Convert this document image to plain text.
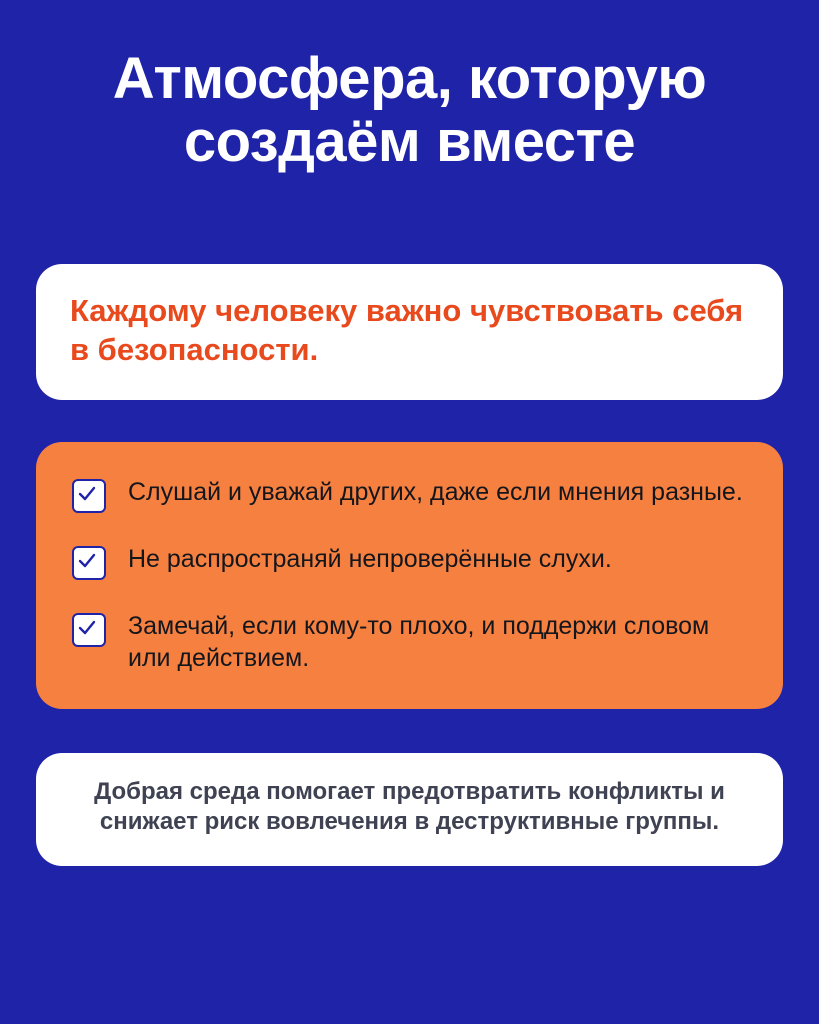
Атмосфера, которую создаём вместе
Каждому человеку важно чувствовать себя в безопасности.
Слушай и уважай других, даже если мнения разные.
Не распространяй непроверённые слухи.
Замечай, если кому-то плохо, и поддержи словом или действием.
Добрая среда помогает предотвратить конфликты и снижает риск вовлечения в деструктивные группы.
